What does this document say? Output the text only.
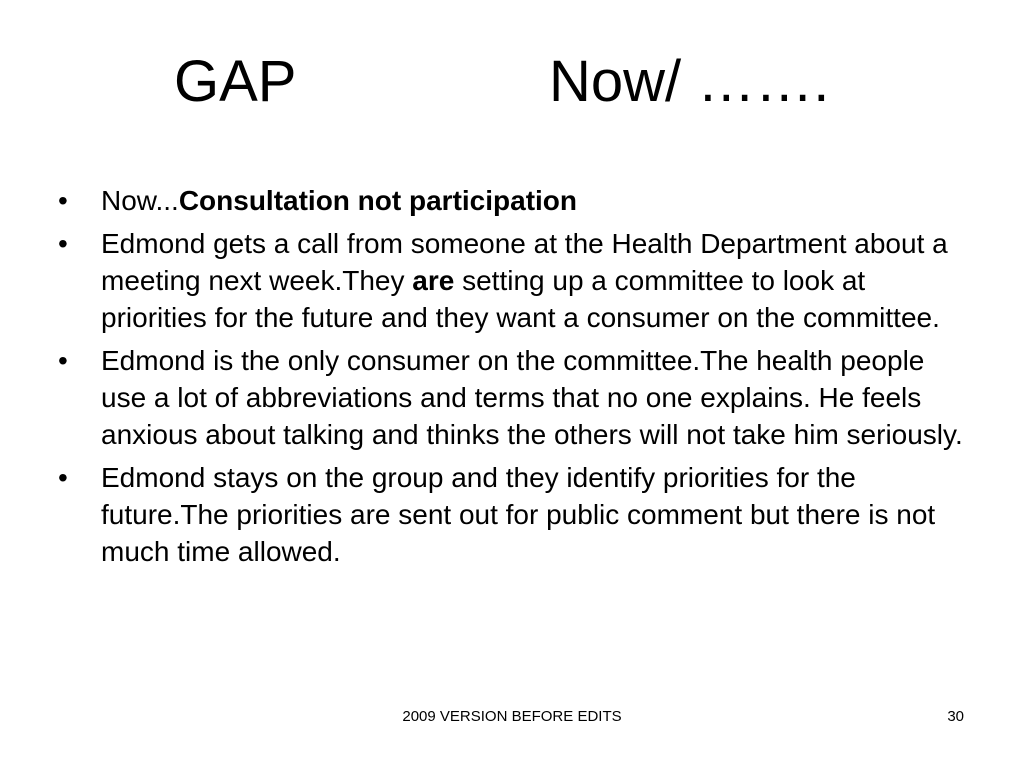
GAP	Now/ …….
• Now...Consultation not participation
• Edmond gets a call from someone at the Health Department about a meeting next week.They are setting up a committee to look at priorities for the future and they want a consumer on the committee.
• Edmond is the only consumer on the committee.The health people use a lot of abbreviations and terms that no one explains. He feels anxious about talking and thinks the others will not take him seriously.
• Edmond stays on the group and they identify priorities for the future.The priorities are sent out for public comment but there is not much time allowed.
2009 VERSION BEFORE EDITS	30
